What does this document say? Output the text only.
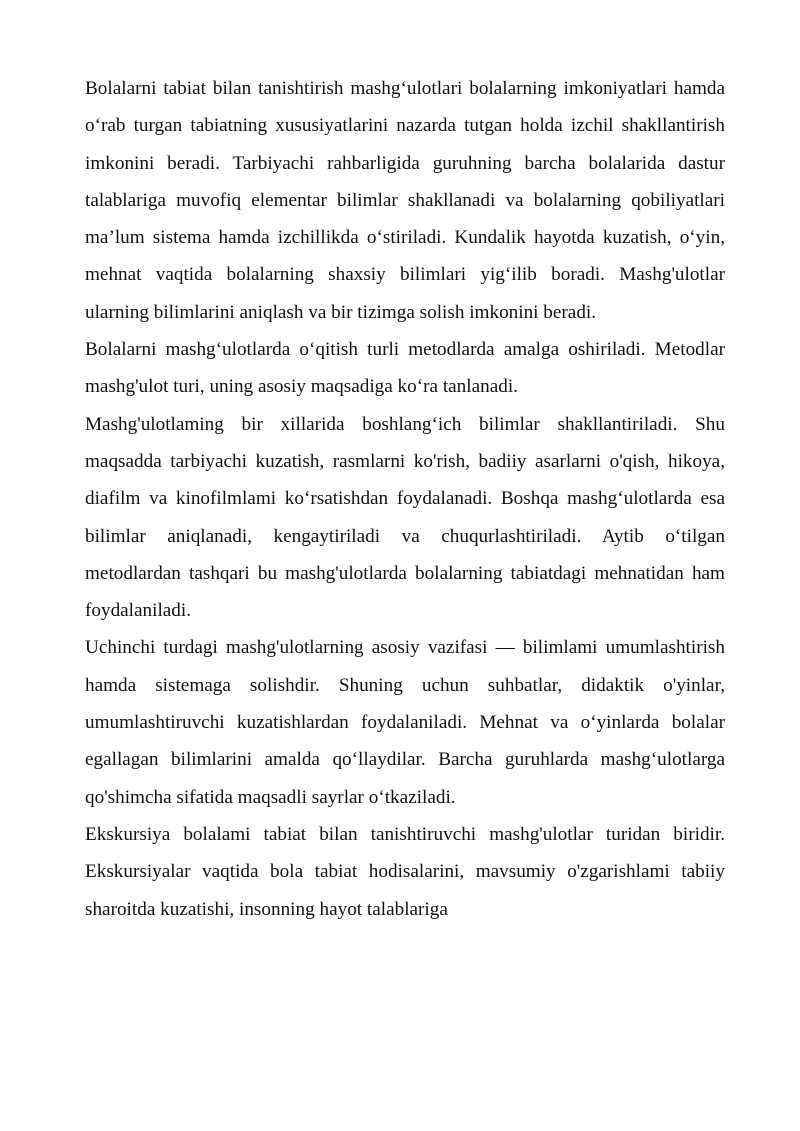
Bolalarni tabiat bilan tanishtirish mashg‘ulotlari bolalarning imkoniyatlari hamda o‘rab turgan tabiatning xususiyatlarini nazarda tutgan holda izchil shakllantirish imkonini beradi. Tarbiyachi rahbarligida guruhning barcha bolalarida dastur talablariga muvofiq elementar bilimlar shakllanadi va bolalarning qobiliyatlari ma’lum sistema hamda izchillikda o‘stiriladi. Kundalik hayotda kuzatish, o‘yin, mehnat vaqtida bolalarning shaxsiy bilimlari yig‘ilib boradi. Mashg'ulotlar ularning bilimlarini aniqlash va bir tizimga solish imkonini beradi.

Bolalarni mashg‘ulotlarda o‘qitish turli metodlarda amalga oshiriladi. Metodlar mashg'ulot turi, uning asosiy maqsadiga ko‘ra tanlanadi.

Mashg'ulotlaming bir xillarida boshlang‘ich bilimlar shakllantiriladi. Shu maqsadda tarbiyachi kuzatish, rasmlarni ko'rish, badiiy asarlarni o'qish, hikoya, diafilm va kinofilmlami ko‘rsatishdan foydalanadi. Boshqa mashg‘ulotlarda esa bilimlar aniqlanadi, kengaytiriladi va chuqurlashtiriladi. Aytib o‘tilgan metodlardan tashqari bu mashg'ulotlarda bolalarning tabiatdagi mehnatidan ham foydalaniladi.

Uchinchi turdagi mashg'ulotlarning asosiy vazifasi — bilimlami umumlashtirish hamda sistemaga solishdir. Shuning uchun suhbatlar, didaktik o'yinlar, umumlashtiruvchi kuzatishlardan foydalaniladi. Mehnat va o‘yinlarda bolalar egallagan bilimlarini amalda qo‘llaydilar. Barcha guruhlarda mashg‘ulotlarga qo'shimcha sifatida maqsadli sayrlar o‘tkaziladi.

Ekskursiya bolalami tabiat bilan tanishtiruvchi mashg'ulotlar turidan biridir. Ekskursiyalar vaqtida bola tabiat hodisalarini, mavsumiy o'zgarishlami tabiiy sharoitda kuzatishi, insonning hayot talablariga
